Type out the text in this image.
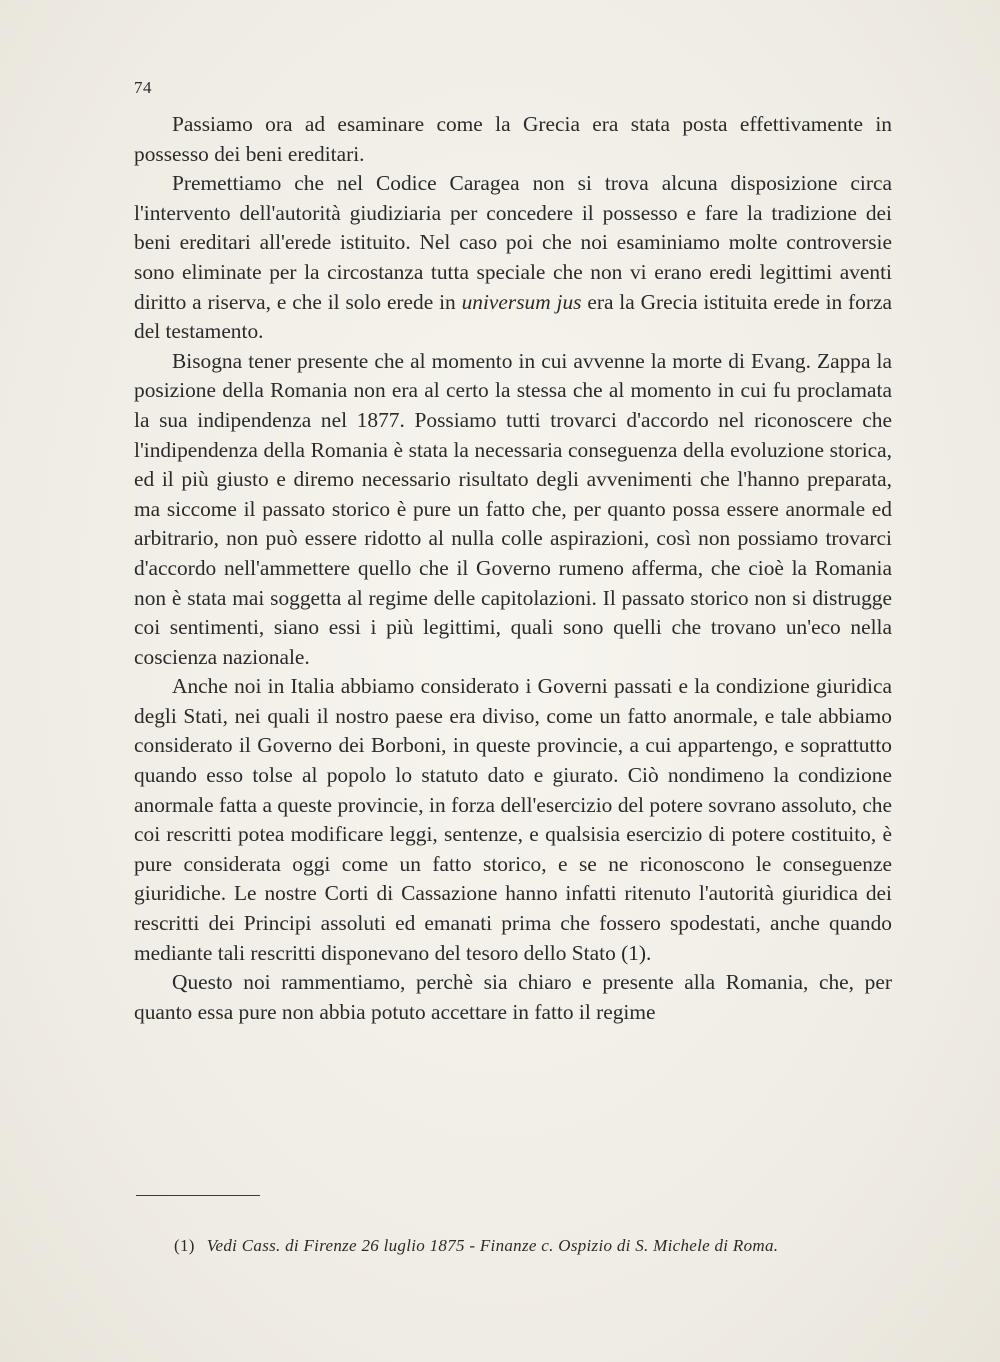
74

Passiamo ora ad esaminare come la Grecia era stata posta effettivamente in possesso dei beni ereditari.

Premettiamo che nel Codice Caragea non si trova alcuna disposizione circa l'intervento dell'autorità giudiziaria per concedere il possesso e fare la tradizione dei beni ereditari all'erede istituito. Nel caso poi che noi esaminiamo molte controversie sono eliminate per la circostanza tutta speciale che non vi erano eredi legittimi aventi diritto a riserva, e che il solo erede in universum jus era la Grecia istituita erede in forza del testamento.

Bisogna tener presente che al momento in cui avvenne la morte di Evang. Zappa la posizione della Romania non era al certo la stessa che al momento in cui fu proclamata la sua indipendenza nel 1877. Possiamo tutti trovarci d'accordo nel riconoscere che l'indipendenza della Romania è stata la necessaria conseguenza della evoluzione storica, ed il più giusto e diremo necessario risultato degli avvenimenti che l'hanno preparata, ma siccome il passato storico è pure un fatto che, per quanto possa essere anormale ed arbitrario, non può essere ridotto al nulla colle aspirazioni, così non possiamo trovarci d'accordo nell'ammettere quello che il Governo rumeno afferma, che cioè la Romania non è stata mai soggetta al regime delle capitolazioni. Il passato storico non si distrugge coi sentimenti, siano essi i più legittimi, quali sono quelli che trovano un'eco nella coscienza nazionale.

Anche noi in Italia abbiamo considerato i Governi passati e la condizione giuridica degli Stati, nei quali il nostro paese era diviso, come un fatto anormale, e tale abbiamo considerato il Governo dei Borboni, in queste provincie, a cui appartengo, e soprattutto quando esso tolse al popolo lo statuto dato e giurato. Ciò nondimeno la condizione anormale fatta a queste provincie, in forza dell'esercizio del potere sovrano assoluto, che coi rescritti potea modificare leggi, sentenze, e qualsisia esercizio di potere costituito, è pure considerata oggi come un fatto storico, e se ne riconoscono le conseguenze giuridiche. Le nostre Corti di Cassazione hanno infatti ritenuto l'autorità giuridica dei rescritti dei Principi assoluti ed emanati prima che fossero spodestati, anche quando mediante tali rescritti disponevano del tesoro dello Stato (1).

Questo noi rammentiamo, perchè sia chiaro e presente alla Romania, che, per quanto essa pure non abbia potuto accettare in fatto il regime

(1) Vedi Cass. di Firenze 26 luglio 1875 - Finanze c. Ospizio di S. Michele di Roma.
